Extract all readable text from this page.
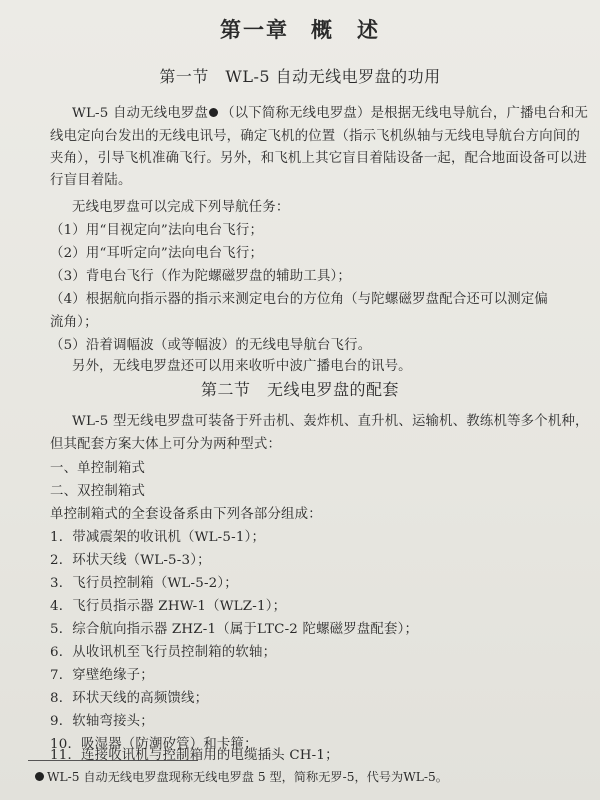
第一章 概　述
第一节　WL-5 自动无线电罗盘的功用
WL-5 自动无线电罗盘 （以下简称无线电罗盘）是根据无线电导航台，广播电台和无
线电定向台发出的无线电讯号，确定飞机的位置（指示飞机纵轴与无线电导航台方向间的
夹角），引导飞机准确飞行。另外，和飞机上其它盲目着陆设备一起，配合地面设备可以进
行盲目着陆。
无线电罗盘可以完成下列导航任务：
（1）用“目视定向”法向电台飞行；
（2）用“耳听定向”法向电台飞行；
（3）背电台飞行（作为陀螺磁罗盘的辅助工具）；
（4）根据航向指示器的指示来测定电台的方位角（与陀螺磁罗盘配合还可以测定偏
流角）；
（5）沿着调幅波（或等幅波）的无线电导航台飞行。
另外，无线电罗盘还可以用来收听中波广播电台的讯号。
第二节　无线电罗盘的配套
WL-5 型无线电罗盘可装备于歼击机、轰炸机、直升机、运输机、教练机等多个机种，
但其配套方案大体上可分为两种型式：
一、单控制箱式
二、双控制箱式
单控制箱式的全套设备系由下列各部分组成：
1．带减震架的收讯机（WL-5-1）；
2．环状天线（WL-5-3）；
3．飞行员控制箱（WL-5-2）；
4．飞行员指示器 ZHW-1（WLZ-1）；
5．综合航向指示器 ZHZ-1（属于LTC-2 陀螺磁罗盘配套）；
6．从收讯机至飞行员控制箱的软轴；
7．穿壁绝缘子；
8．环状天线的高频馈线；
9．软轴弯接头；
10．吸湿器（防潮矽管）和卡箍；
WL-5 自动无线电罗盘现称无线电罗盘 5 型，简称无罗-5，代号为WL-5。
11．连接收讯机与控制箱用的电缆插头 CH-1；
